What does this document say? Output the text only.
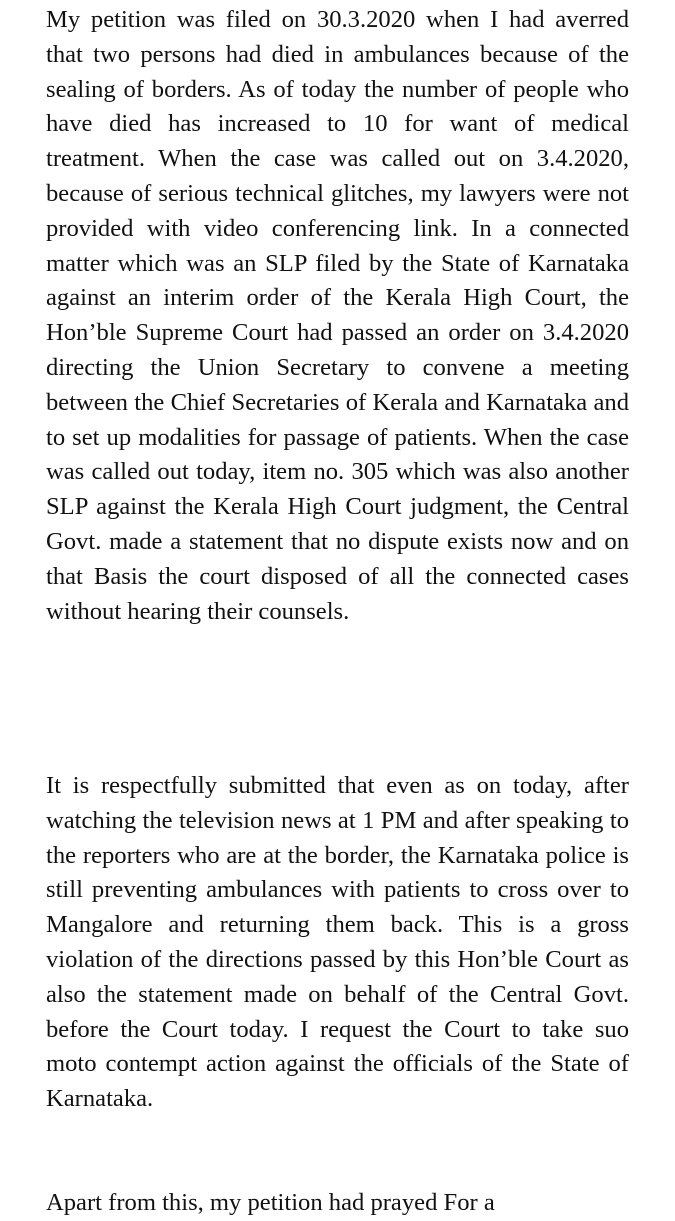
My petition was filed on 30.3.2020 when I had averred that two persons had died in ambulances because of the sealing of borders. As of today the number of people who have died has increased to 10 for want of medical treatment. When the case was called out on 3.4.2020, because of serious technical glitches, my lawyers were not provided with video conferencing link. In a connected matter which was an SLP filed by the State of Karnataka against an interim order of the Kerala High Court, the Hon’ble Supreme Court had passed an order on 3.4.2020 directing the Union Secretary to convene a meeting between the Chief Secretaries of Kerala and Karnataka and to set up modalities for passage of patients. When the case was called out today, item no. 305 which was also another SLP against the Kerala High Court judgment, the Central Govt. made a statement that no dispute exists now and on that Basis the court disposed of all the connected cases without hearing their counsels.

It is respectfully submitted that even as on today, after watching the television news at 1 PM and after speaking to the reporters who are at the border, the Karnataka police is still preventing ambulances with patients to cross over to Mangalore and returning them back. This is a gross violation of the directions passed by this Hon’ble Court as also the statement made on behalf of the Central Govt. before the Court today. I request the Court to take suo moto contempt action against the officials of the State of Karnataka.

Apart from this, my petition had prayed For a
